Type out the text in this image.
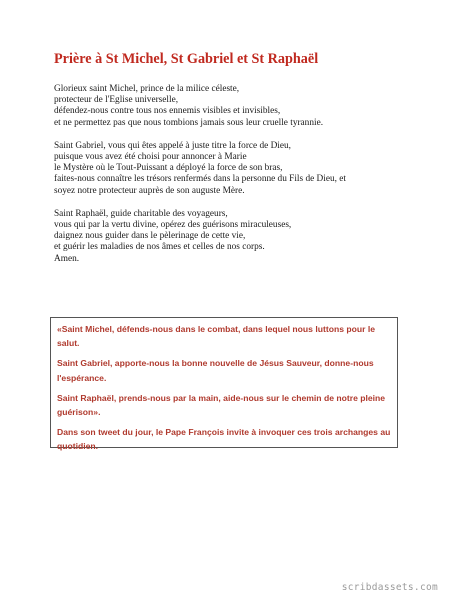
Prière à St Michel, St Gabriel et St Raphaël

Glorieux saint Michel, prince de la milice céleste,

protecteur de l'Eglise universelle,

défendez-nous contre tous nos ennemis visibles et invisibles,

et ne permettez pas que nous tombions jamais sous leur cruelle tyrannie.

Saint Gabriel, vous qui êtes appelé à juste titre la force de Dieu,

puisque vous avez été choisi pour annoncer à Marie

le Mystère où le Tout-Puissant a déployé la force de son bras,

faites-nous connaître les trésors renfermés dans la personne du Fils de Dieu, et

soyez notre protecteur auprès de son auguste Mère.

Saint Raphaël, guide charitable des voyageurs,

vous qui par la vertu divine, opérez des guérisons miraculeuses,

daignez nous guider dans le pèlerinage de cette vie,

et guérir les maladies de nos âmes et celles de nos corps.

Amen.

«Saint Michel, défends-nous dans le combat, dans lequel nous luttons pour le salut.

Saint Gabriel, apporte-nous la bonne nouvelle de Jésus Sauveur, donne-nous l'espérance.

Saint Raphaël, prends-nous par la main, aide-nous sur le chemin de notre pleine guérison».

Dans son tweet du jour, le Pape François invite à invoquer ces trois archanges au quotidien.

scribdassets.com
